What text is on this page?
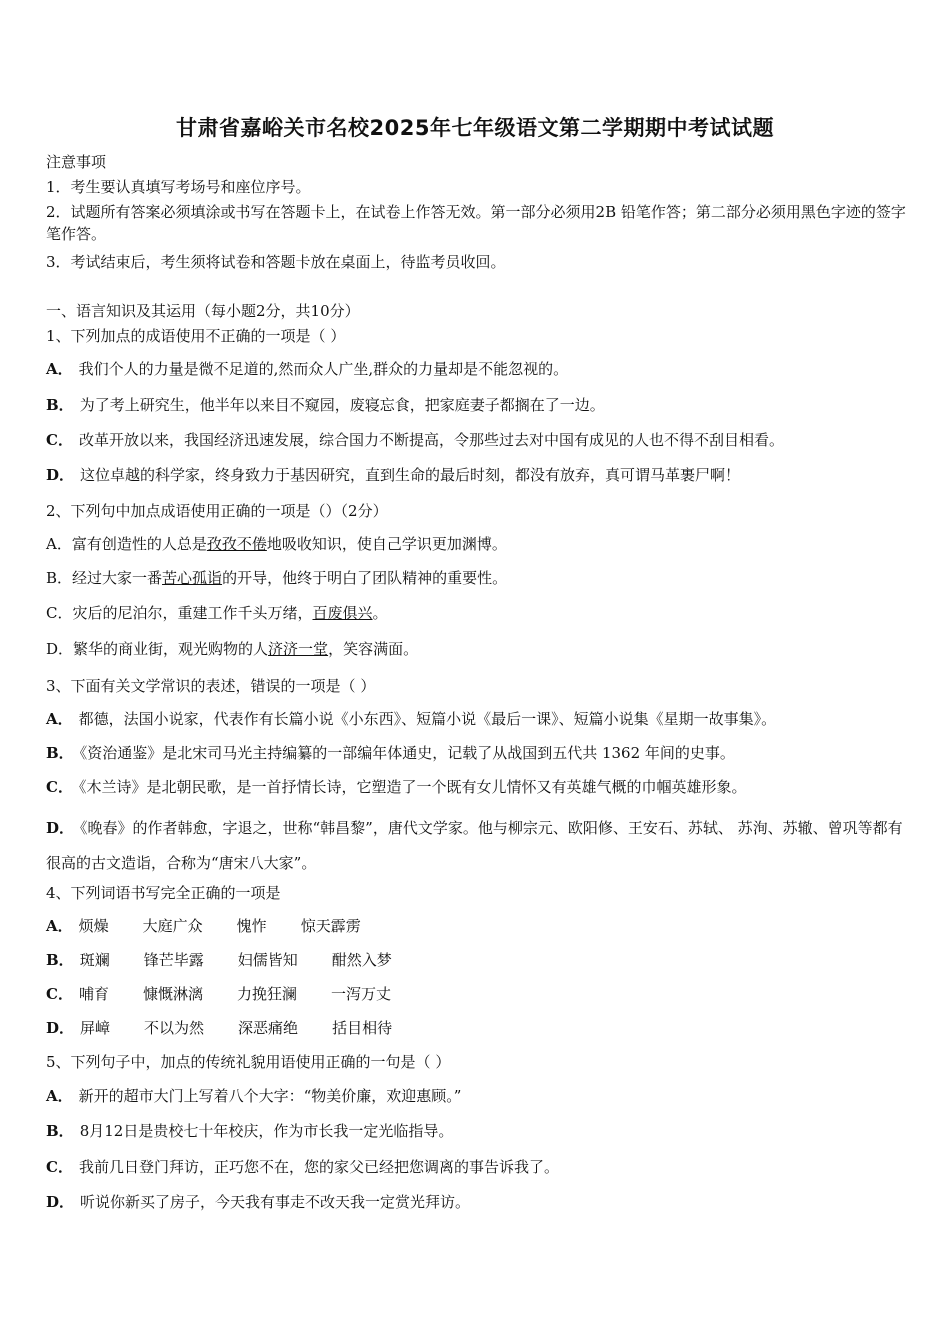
甘肃省嘉峪关市名校2025年七年级语文第二学期期中考试试题
注意事项
1．考生要认真填写考场号和座位序号。
2．试题所有答案必须填涂或书写在答题卡上，在试卷上作答无效。第一部分必须用2B 铅笔作答；第二部分必须用黑色字迹的签字笔作答。
3．考试结束后，考生须将试卷和答题卡放在桌面上，待监考员收回。
一、语言知识及其运用（每小题2分，共10分）
1、下列加点的成语使用不正确的一项是（ ）
A． 我们个人的力量是微不足道的,然而众人广坐,群众的力量却是不能忽视的。
B． 为了考上研究生，他半年以来目不窥园，废寝忘食，把家庭妻子都搁在了一边。
C． 改革开放以来，我国经济迅速发展，综合国力不断提高，令那些过去对中国有成见的人也不得不刮目相看。
D． 这位卓越的科学家，终身致力于基因研究，直到生命的最后时刻，都没有放弃，真可谓马革裹尸啊！
2、下列句中加点成语使用正确的一项是（）（2分）
A．富有创造性的人总是孜孜不倦地吸收知识，使自己学识更加渊博。
B．经过大家一番苦心孤诣的开导，他终于明白了团队精神的重要性。
C．灾后的尼泊尔，重建工作千头万绪，百废俱兴。
D．繁华的商业街，观光购物的人济济一堂，笑容满面。
3、下面有关文学常识的表述，错误的一项是（ ）
A． 都德，法国小说家，代表作有长篇小说《小东西》、短篇小说《最后一课》、短篇小说集《星期一故事集》。
B． 《资治通鉴》是北宋司马光主持编纂的一部编年体通史，记载了从战国到五代共 1362 年间的史事。
C． 《木兰诗》是北朝民歌，是一首抒情长诗，它塑造了一个既有女儿情怀又有英雄气概的巾帼英雄形象。
D． 《晚春》的作者韩愈，字退之，世称“韩昌黎”，唐代文学家。他与柳宗元、欧阳修、王安石、苏轼、 苏洵、苏辙、曾巩等都有很高的古文造诣，合称为“唐宋八大家”。
4、下列词语书写完全正确的一项是
A． 烦燥 大庭广众 愧怍 惊天霹雳
B． 斑斓 锋芒毕露 妇儒皆知 酣然入梦
C． 哺育 慷慨淋漓 力挽狂澜 一泻万丈
D． 屏嶂 不以为然 深恶痛绝 括目相待
5、下列句子中，加点的传统礼貌用语使用正确的一句是（ ）
A． 新开的超市大门上写着八个大字：“物美价廉，欢迎惠顾。”
B． 8月12日是贵校七十年校庆，作为市长我一定光临指导。
C． 我前几日登门拜访，正巧您不在，您的家父已经把您调离的事告诉我了。
D． 听说你新买了房子，今天我有事走不改天我一定赏光拜访。
